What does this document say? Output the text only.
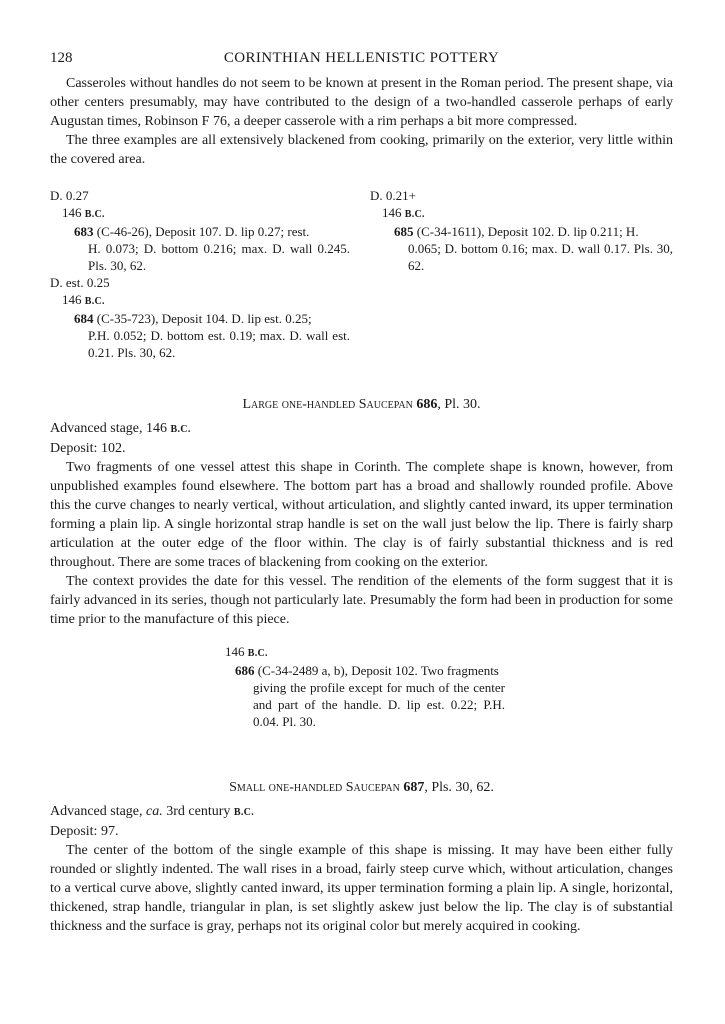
128	CORINTHIAN HELLENISTIC POTTERY

Casseroles without handles do not seem to be known at present in the Roman period. The present shape, via other centers presumably, may have contributed to the design of a two-handled casserole perhaps of early Augustan times, Robinson F 76, a deeper casserole with a rim perhaps a bit more compressed.

The three examples are all extensively blackened from cooking, primarily on the exterior, very little within the covered area.

D. 0.27
146 B.C.
683 (C-46-26), Deposit 107. D. lip 0.27; rest.
H. 0.073; D. bottom 0.216; max. D. wall 0.245. Pls. 30, 62.
D. est. 0.25
146 B.C.
684 (C-35-723), Deposit 104. D. lip est. 0.25;
P.H. 0.052; D. bottom est. 0.19; max. D. wall est. 0.21. Pls. 30, 62.
D. 0.21+
146 B.C.
685 (C-34-1611), Deposit 102. D. lip 0.211; H.
0.065; D. bottom 0.16; max. D. wall 0.17. Pls. 30, 62.
Large one-handled Saucepan 686, Pl. 30.
Advanced stage, 146 B.C.
Deposit: 102.

Two fragments of one vessel attest this shape in Corinth. The complete shape is known, however, from unpublished examples found elsewhere. The bottom part has a broad and shallowly rounded profile. Above this the curve changes to nearly vertical, without articulation, and slightly canted inward, its upper termination forming a plain lip. A single horizontal strap handle is set on the wall just below the lip. There is fairly sharp articulation at the outer edge of the floor within. The clay is of fairly substantial thickness and is red throughout. There are some traces of blackening from cooking on the exterior.

The context provides the date for this vessel. The rendition of the elements of the form suggest that it is fairly advanced in its series, though not particularly late. Presumably the form had been in production for some time prior to the manufacture of this piece.

146 B.C.
686 (C-34-2489 a, b), Deposit 102. Two fragments
giving the profile except for much of the center and part of the handle. D. lip est. 0.22; P.H. 0.04. Pl. 30.
Small one-handled Saucepan 687, Pls. 30, 62.
Advanced stage, ca. 3rd century B.C.
Deposit: 97.

The center of the bottom of the single example of this shape is missing. It may have been either fully rounded or slightly indented. The wall rises in a broad, fairly steep curve which, without articulation, changes to a vertical curve above, slightly canted inward, its upper termination forming a plain lip. A single, horizontal, thickened, strap handle, triangular in plan, is set slightly askew just below the lip. The clay is of substantial thickness and the surface is gray, perhaps not its original color but merely acquired in cooking.
